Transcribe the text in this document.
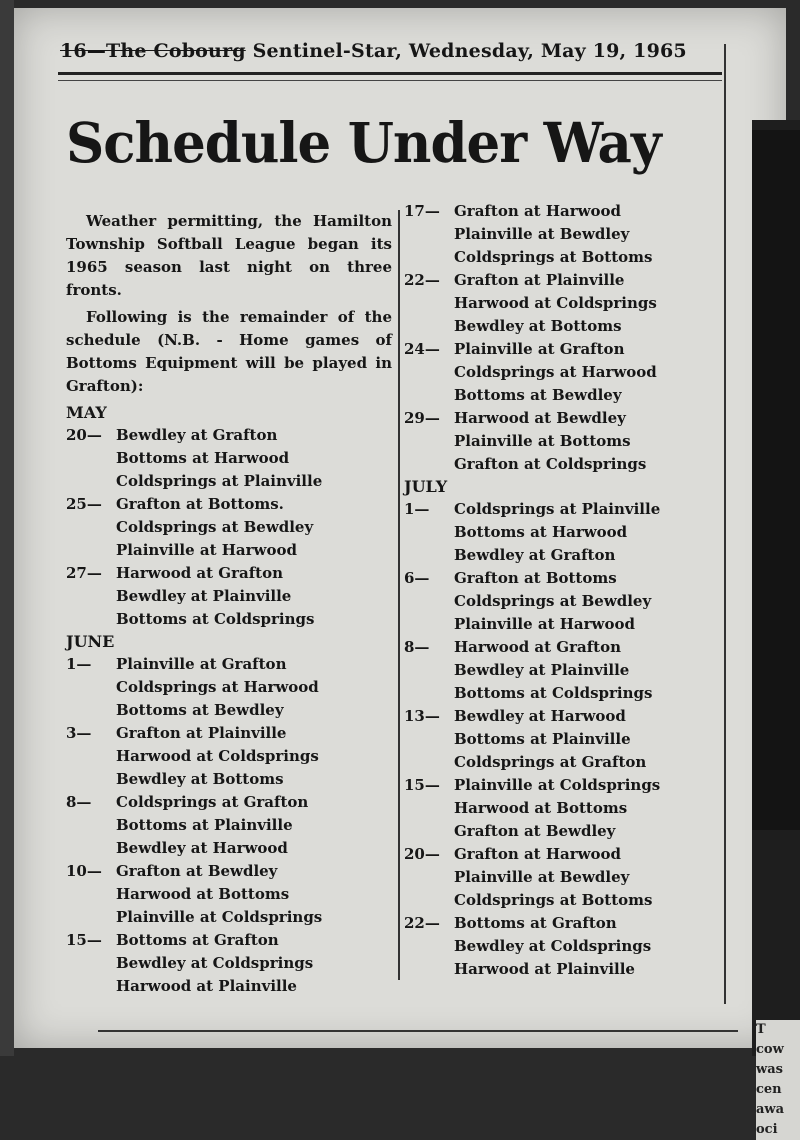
T
cow
was
cen
awa
oci
16—The Cobourg Sentinel-Star, Wednesday, May 19, 1965
Schedule Under Way

Weather permitting, the Hamilton Township Softball League began its 1965 season last night on three fronts.

Following is the remainder of the schedule (N.B. - Home games of Bottoms Equipment will be played in Grafton):

MAY
20— Bewdley at Grafton
Bottoms at Harwood
Coldsprings at Plainville
25— Grafton at Bottoms.
Coldsprings at Bewdley
Plainville at Harwood
27— Harwood at Grafton
Bewdley at Plainville
Bottoms at Coldsprings
JUNE
1—	Plainville at Grafton
Coldsprings at Harwood
Bottoms at Bewdley
3—	Grafton at Plainville
Harwood at Coldsprings
Bewdley at Bottoms
8—	Coldsprings at Grafton
Bottoms at Plainville
Bewdley at Harwood
10— Grafton at Bewdley
Harwood at Bottoms
Plainville at Coldsprings
15— Bottoms at Grafton
Bewdley at Coldsprings
Harwood at Plainville
17— Grafton at Harwood
Plainville at Bewdley
Coldsprings at Bottoms
22— Grafton at Plainville
Harwood at Coldsprings
Bewdley at Bottoms
24— Plainville at Grafton
Coldsprings at Harwood
Bottoms at Bewdley
29— Harwood at Bewdley
Plainville at Bottoms
Grafton at Coldsprings
JULY
1—	Coldsprings at Plainville
Bottoms at Harwood
Bewdley at Grafton
6—	Grafton at Bottoms
Coldsprings at Bewdley
Plainville at Harwood
8—	Harwood at Grafton
Bewdley at Plainville
Bottoms at Coldsprings
13— Bewdley at Harwood
Bottoms at Plainville
Coldsprings at Grafton
15— Plainville at Coldsprings
Harwood at Bottoms
Grafton at Bewdley
20— Grafton at Harwood
Plainville at Bewdley
Coldsprings at Bottoms
22— Bottoms at Grafton
Bewdley at Coldsprings
Harwood at Plainville
